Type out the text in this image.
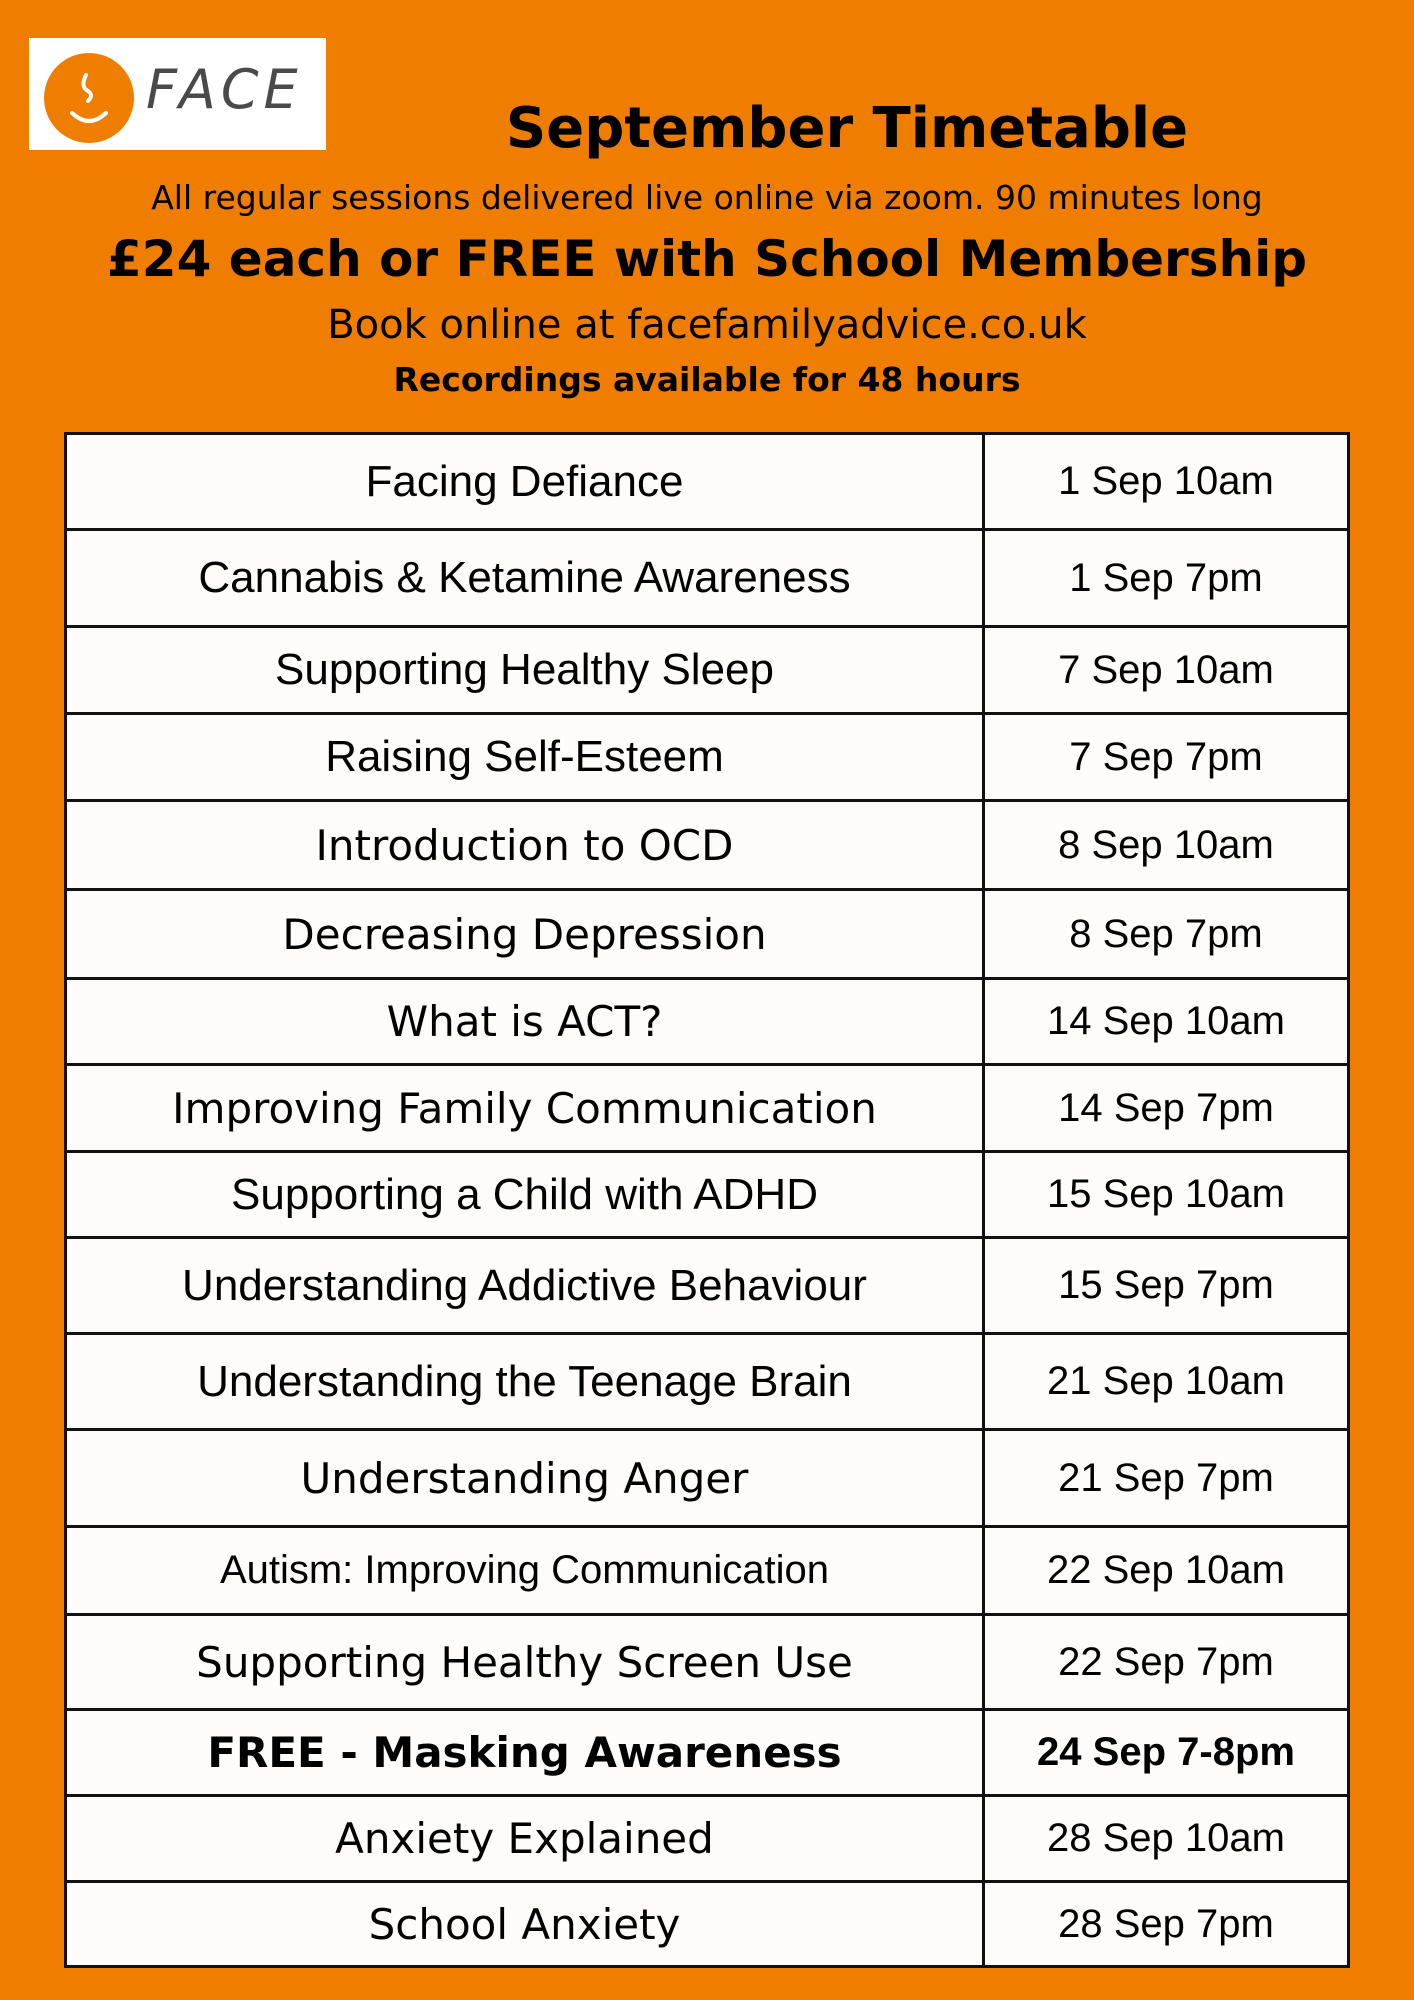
FACE
September Timetable
All regular sessions delivered live online via zoom. 90 minutes long
£24 each or FREE with School Membership
Book online at facefamilyadvice.co.uk
Recordings available for 48 hours
Facing Defiance	1 Sep 10am
Cannabis & Ketamine Awareness	1 Sep 7pm
Supporting Healthy Sleep	7 Sep 10am
Raising Self-Esteem	7 Sep 7pm
Introduction to OCD	8 Sep 10am
Decreasing Depression	8 Sep 7pm
What is ACT?	14 Sep 10am
Improving Family Communication	14 Sep 7pm
Supporting a Child with ADHD	15 Sep 10am
Understanding Addictive Behaviour	15 Sep 7pm
Understanding the Teenage Brain	21 Sep 10am
Understanding Anger	21 Sep 7pm
Autism: Improving Communication	22 Sep 10am
Supporting Healthy Screen Use	22 Sep 7pm
FREE - Masking Awareness	24 Sep 7-8pm
Anxiety Explained	28 Sep 10am
School Anxiety	28 Sep 7pm
